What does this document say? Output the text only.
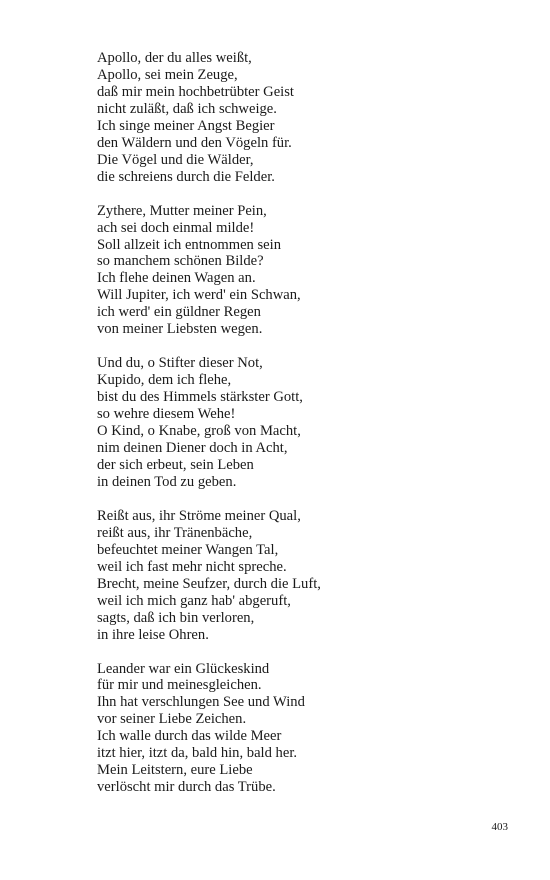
Apollo, der du alles weißt,
Apollo, sei mein Zeuge,
daß mir mein hochbetrübter Geist
nicht zuläßt, daß ich schweige.
Ich singe meiner Angst Begier
den Wäldern und den Vögeln für.
Die Vögel und die Wälder,
die schreiens durch die Felder.
Zythere, Mutter meiner Pein,
ach sei doch einmal milde!
Soll allzeit ich entnommen sein
so manchem schönen Bilde?
Ich flehe deinen Wagen an.
Will Jupiter, ich werd' ein Schwan,
ich werd' ein güldner Regen
von meiner Liebsten wegen.
Und du, o Stifter dieser Not,
Kupido, dem ich flehe,
bist du des Himmels stärkster Gott,
so wehre diesem Wehe!
O Kind, o Knabe, groß von Macht,
nim deinen Diener doch in Acht,
der sich erbeut, sein Leben
in deinen Tod zu geben.
Reißt aus, ihr Ströme meiner Qual,
reißt aus, ihr Tränenbäche,
befeuchtet meiner Wangen Tal,
weil ich fast mehr nicht spreche.
Brecht, meine Seufzer, durch die Luft,
weil ich mich ganz hab' abgeruft,
sagts, daß ich bin verloren,
in ihre leise Ohren.
Leander war ein Glückeskind
für mir und meinesgleichen.
Ihn hat verschlungen See und Wind
vor seiner Liebe Zeichen.
Ich walle durch das wilde Meer
itzt hier, itzt da, bald hin, bald her.
Mein Leitstern, eure Liebe
verlöscht mir durch das Trübe.
403
